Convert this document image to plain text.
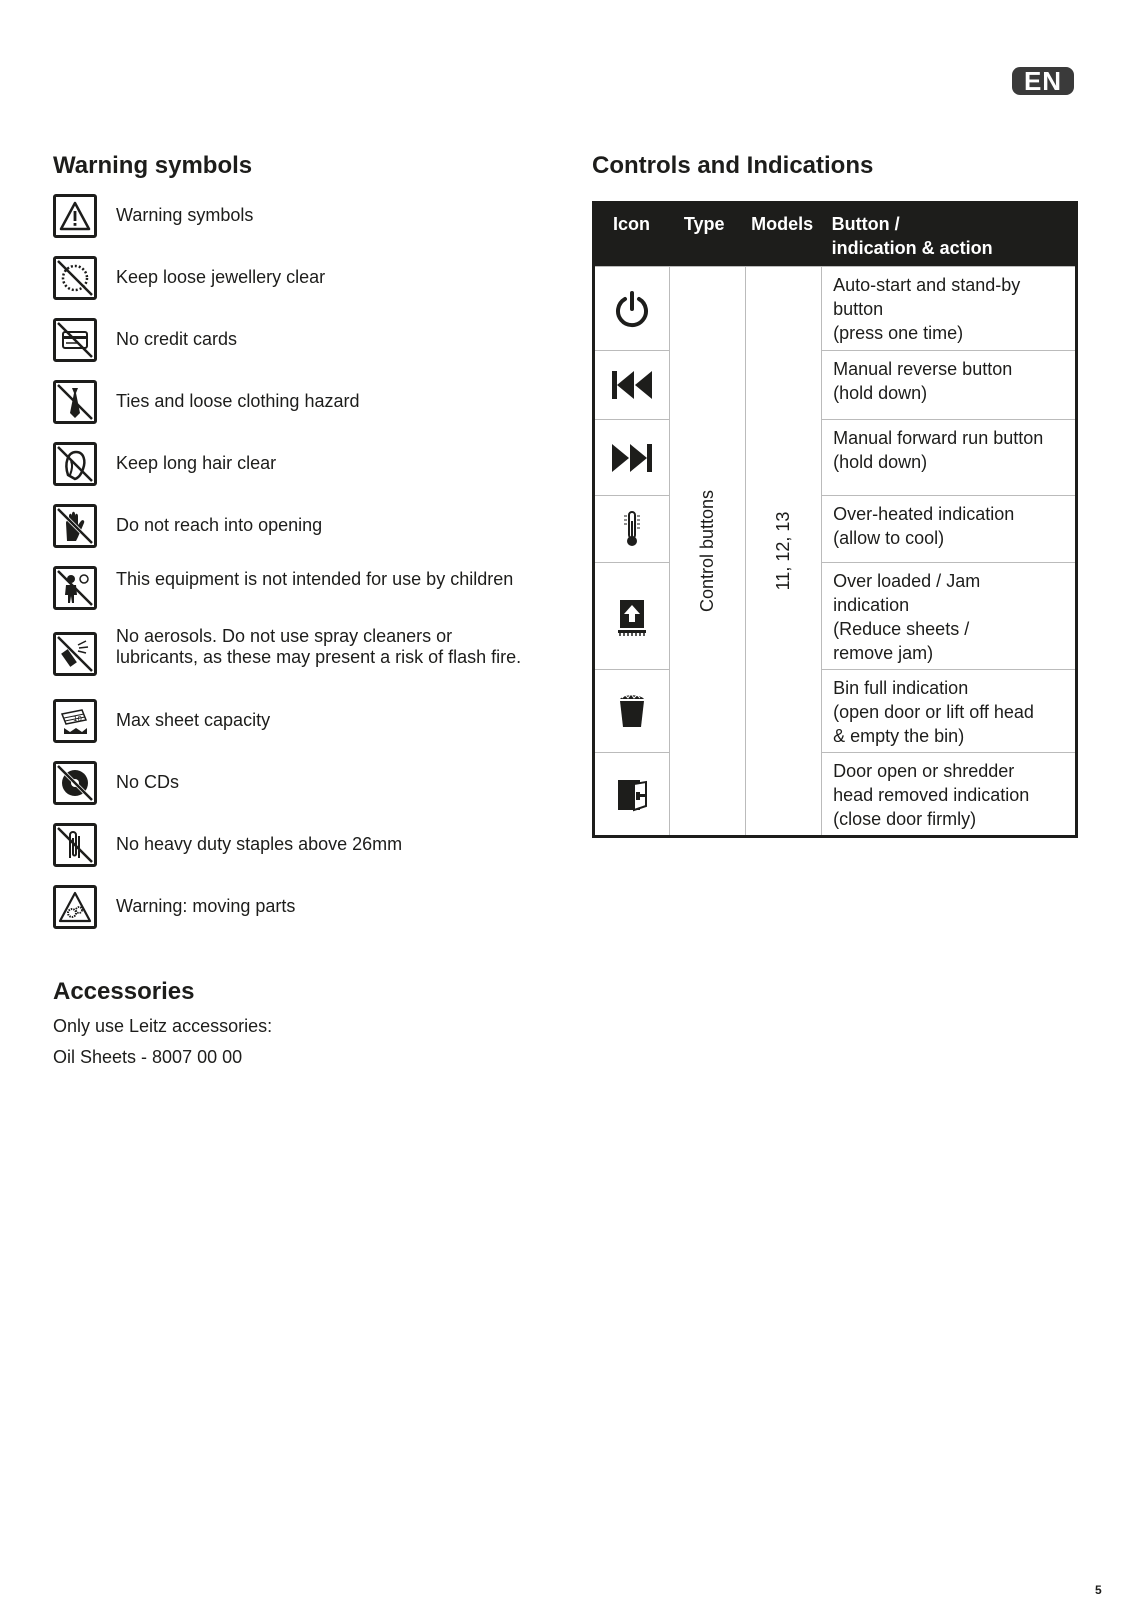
EN
Warning symbols
Warning symbols
Keep loose jewellery clear
No credit cards
Ties and loose clothing hazard
Keep long hair clear
Do not reach into opening
This equipment is not intended for use by children
No aerosols. Do not use spray cleaners or lubricants, as these may present a risk of flash fire.
10 Max sheet capacity
No CDs
No heavy duty staples above 26mm
Warning: moving parts
Accessories
Only use Leitz accessories:
Oil Sheets - 8007 00 00
Controls and Indications
Icon	Type	Models	Button /
indication & action

Control buttons	11, 12, 13	Auto-start and stand-by
button
(press one time)
	Manual reverse button
(hold down)
	Manual forward run button
(hold down)
	Over-heated indication
(allow to cool)
	Over loaded / Jam
indication
(Reduce sheets /
remove jam)
	Bin full indication
(open door or lift off head
& empty the bin)
	Door open or shredder
head removed indication
(close door firmly)
5
